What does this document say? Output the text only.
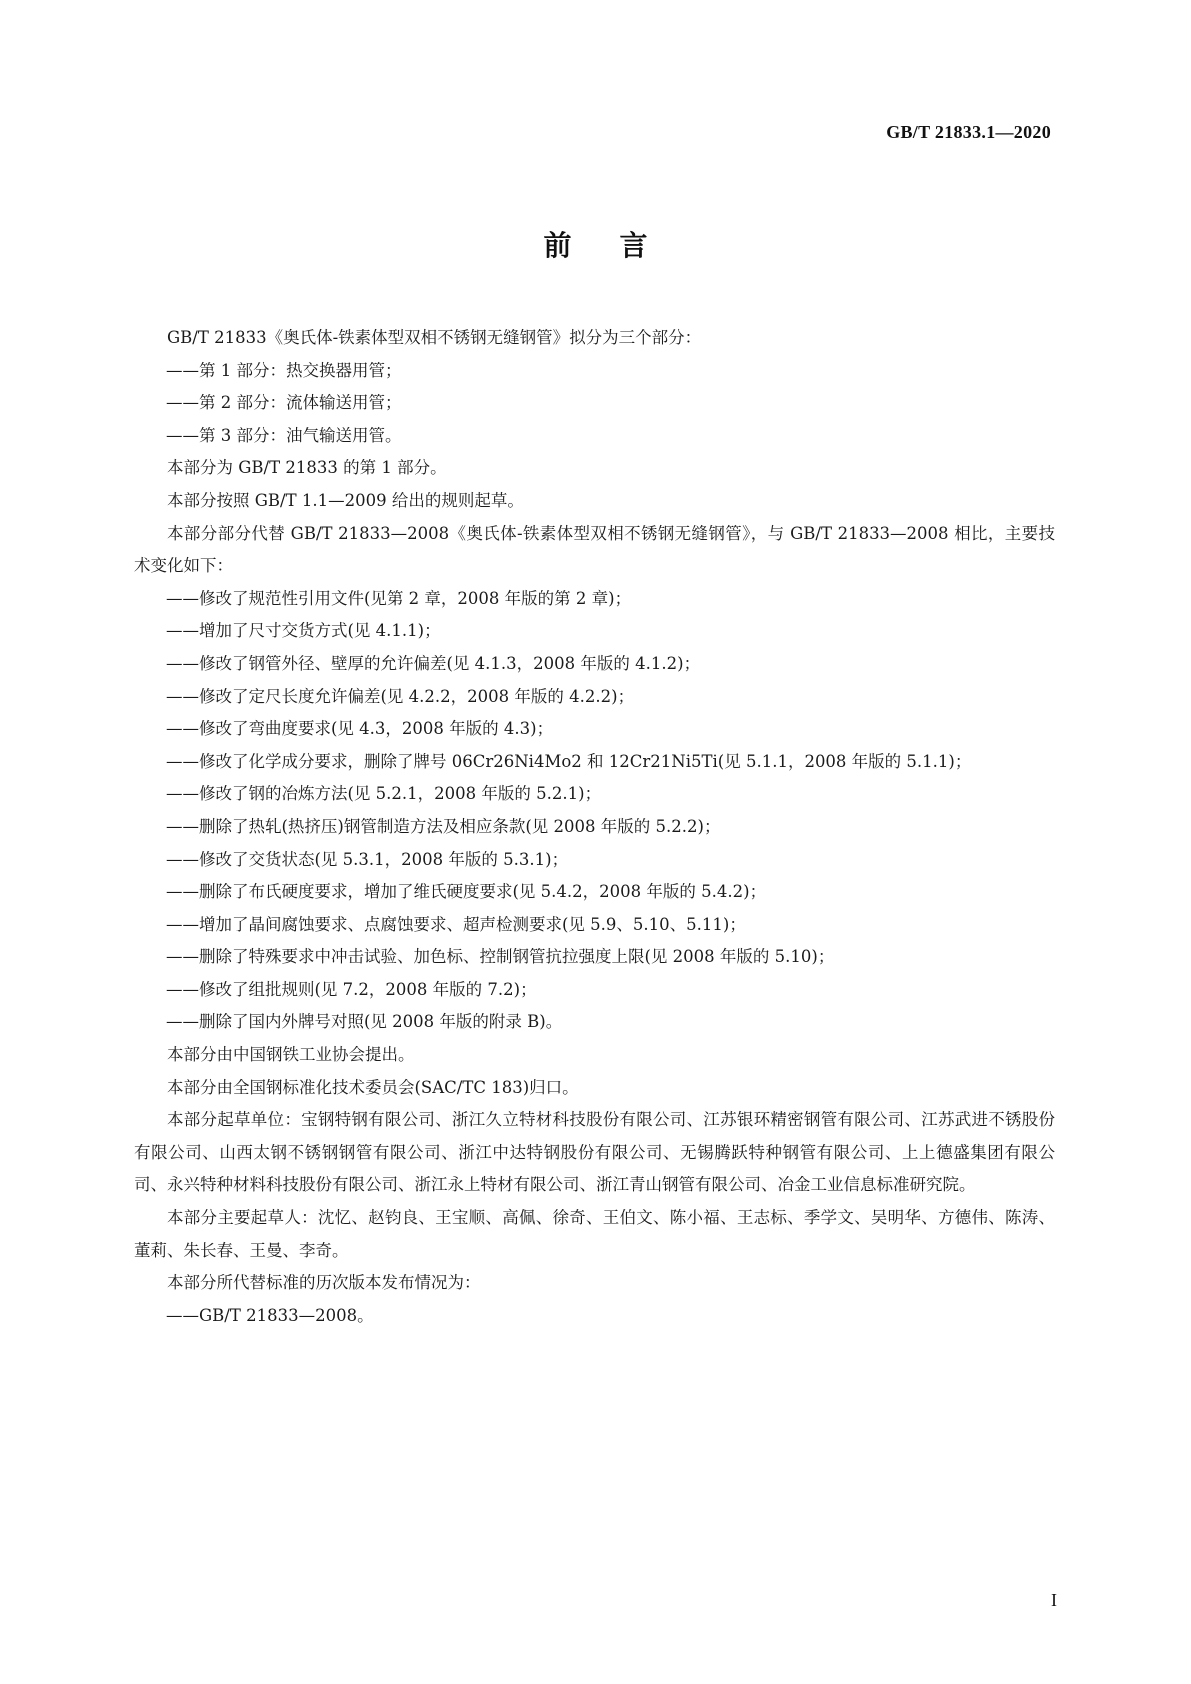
GB/T 21833.1—2020
前言

GB/T 21833《奥氏体-铁素体型双相不锈钢无缝钢管》拟分为三个部分：

——第 1 部分：热交换器用管；

——第 2 部分：流体输送用管；

——第 3 部分：油气输送用管。

本部分为 GB/T 21833 的第 1 部分。

本部分按照 GB/T 1.1—2009 给出的规则起草。

本部分部分代替 GB/T 21833—2008《奥氏体-铁素体型双相不锈钢无缝钢管》，与 GB/T 21833—2008 相比，主要技术变化如下：

——修改了规范性引用文件(见第 2 章，2008 年版的第 2 章)；

——增加了尺寸交货方式(见 4.1.1)；

——修改了钢管外径、壁厚的允许偏差(见 4.1.3，2008 年版的 4.1.2)；

——修改了定尺长度允许偏差(见 4.2.2，2008 年版的 4.2.2)；

——修改了弯曲度要求(见 4.3，2008 年版的 4.3)；

——修改了化学成分要求，删除了牌号 06Cr26Ni4Mo2 和 12Cr21Ni5Ti(见 5.1.1，2008 年版的 5.1.1)；

——修改了钢的冶炼方法(见 5.2.1，2008 年版的 5.2.1)；

——删除了热轧(热挤压)钢管制造方法及相应条款(见 2008 年版的 5.2.2)；

——修改了交货状态(见 5.3.1，2008 年版的 5.3.1)；

——删除了布氏硬度要求，增加了维氏硬度要求(见 5.4.2，2008 年版的 5.4.2)；

——增加了晶间腐蚀要求、点腐蚀要求、超声检测要求(见 5.9、5.10、5.11)；

——删除了特殊要求中冲击试验、加色标、控制钢管抗拉强度上限(见 2008 年版的 5.10)；

——修改了组批规则(见 7.2，2008 年版的 7.2)；

——删除了国内外牌号对照(见 2008 年版的附录 B)。

本部分由中国钢铁工业协会提出。

本部分由全国钢标准化技术委员会(SAC/TC 183)归口。

本部分起草单位：宝钢特钢有限公司、浙江久立特材科技股份有限公司、江苏银环精密钢管有限公司、江苏武进不锈股份有限公司、山西太钢不锈钢钢管有限公司、浙江中达特钢股份有限公司、无锡腾跃特种钢管有限公司、上上德盛集团有限公司、永兴特种材料科技股份有限公司、浙江永上特材有限公司、浙江青山钢管有限公司、冶金工业信息标准研究院。

本部分主要起草人：沈忆、赵钧良、王宝顺、高佩、徐奇、王伯文、陈小福、王志标、季学文、吴明华、方德伟、陈涛、董莉、朱长春、王曼、李奇。

本部分所代替标准的历次版本发布情况为：

——GB/T 21833—2008。

I
